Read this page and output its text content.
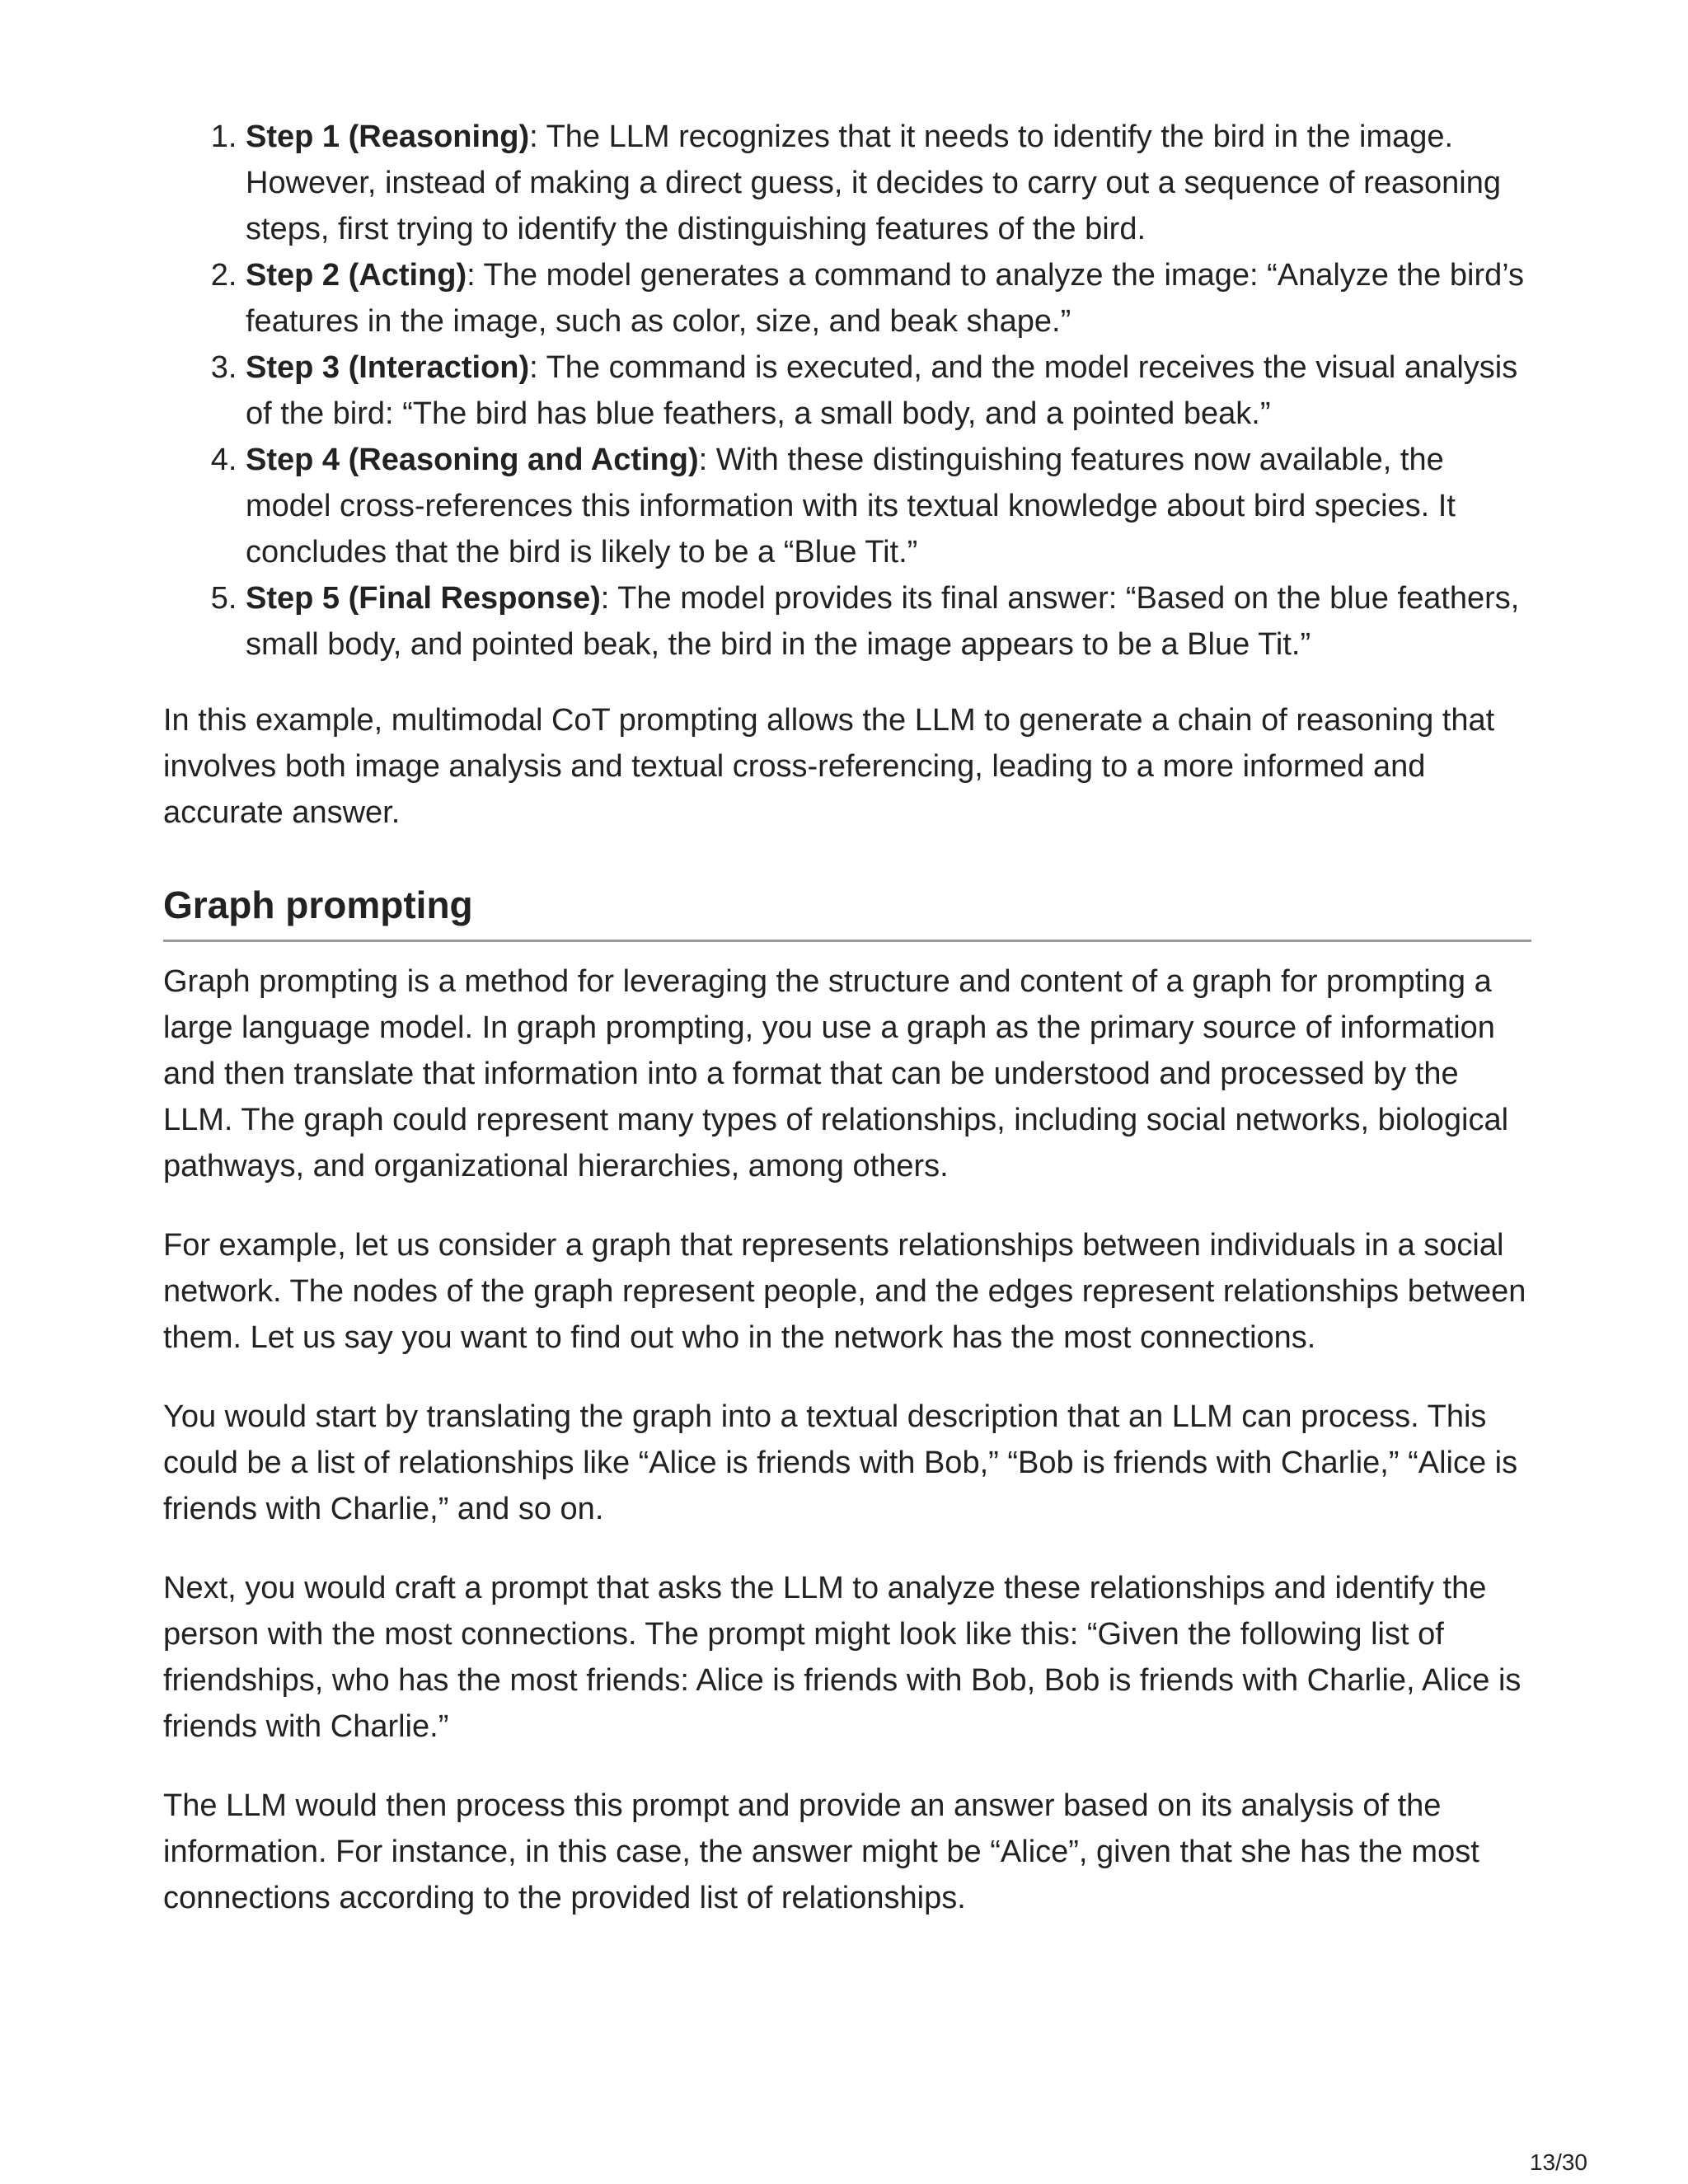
1. Step 1 (Reasoning): The LLM recognizes that it needs to identify the bird in the image. However, instead of making a direct guess, it decides to carry out a sequence of reasoning steps, first trying to identify the distinguishing features of the bird.
2. Step 2 (Acting): The model generates a command to analyze the image: “Analyze the bird’s features in the image, such as color, size, and beak shape.”
3. Step 3 (Interaction): The command is executed, and the model receives the visual analysis of the bird: “The bird has blue feathers, a small body, and a pointed beak.”
4. Step 4 (Reasoning and Acting): With these distinguishing features now available, the model cross-references this information with its textual knowledge about bird species. It concludes that the bird is likely to be a “Blue Tit.”
5. Step 5 (Final Response): The model provides its final answer: “Based on the blue feathers, small body, and pointed beak, the bird in the image appears to be a Blue Tit.”

In this example, multimodal CoT prompting allows the LLM to generate a chain of reasoning that involves both image analysis and textual cross-referencing, leading to a more informed and accurate answer.

Graph prompting

Graph prompting is a method for leveraging the structure and content of a graph for prompting a large language model. In graph prompting, you use a graph as the primary source of information and then translate that information into a format that can be understood and processed by the LLM. The graph could represent many types of relationships, including social networks, biological pathways, and organizational hierarchies, among others.

For example, let us consider a graph that represents relationships between individuals in a social network. The nodes of the graph represent people, and the edges represent relationships between them. Let us say you want to find out who in the network has the most connections.

You would start by translating the graph into a textual description that an LLM can process. This could be a list of relationships like “Alice is friends with Bob,” “Bob is friends with Charlie,” “Alice is friends with Charlie,” and so on.

Next, you would craft a prompt that asks the LLM to analyze these relationships and identify the person with the most connections. The prompt might look like this: “Given the following list of friendships, who has the most friends: Alice is friends with Bob, Bob is friends with Charlie, Alice is friends with Charlie.”

The LLM would then process this prompt and provide an answer based on its analysis of the information. For instance, in this case, the answer might be “Alice”, given that she has the most connections according to the provided list of relationships.

13/30
